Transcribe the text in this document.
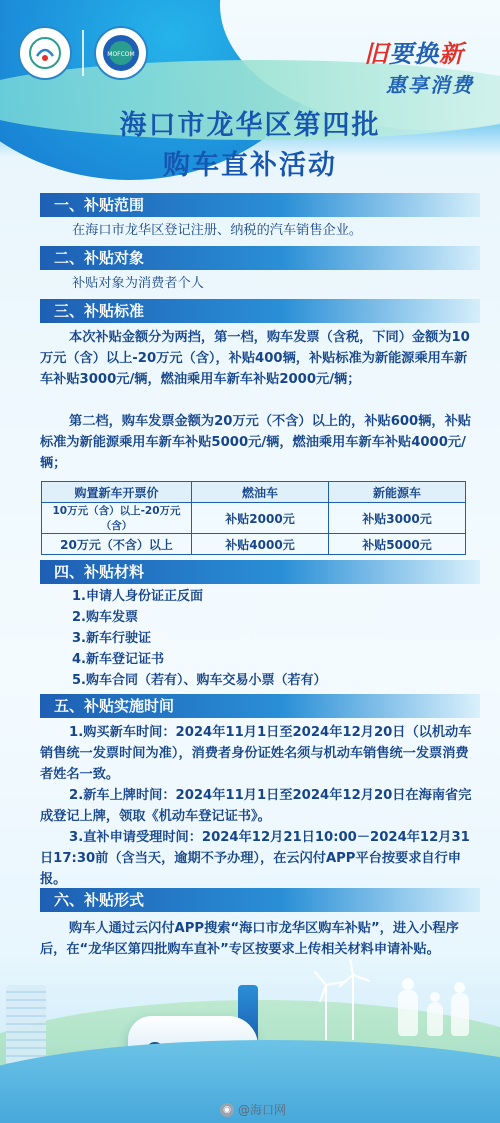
MOFCOM	旧要换新
惠享消费
海口市龙华区第四批
购车直补活动
一、补贴范围
在海口市龙华区登记注册、纳税的汽车销售企业。
二、补贴对象
补贴对象为消费者个人
三、补贴标准
本次补贴金额分为两挡，第一档，购车发票（含税，下同）金额为10万元（含）以上-20万元（含），补贴400辆，补贴标准为新能源乘用车新车补贴3000元/辆，燃油乘用车新车补贴2000元/辆；
第二档，购车发票金额为20万元（不含）以上的，补贴600辆，补贴标准为新能源乘用车新车补贴5000元/辆，燃油乘用车新车补贴4000元/辆；
购置新车开票价	燃油车	新能源车
10万元（含）以上-20万元（含）	补贴2000元	补贴3000元
20万元（不含）以上	补贴4000元	补贴5000元
四、补贴材料
1.申请人身份证正反面
2.购车发票
3.新车行驶证
4.新车登记证书
5.购车合同（若有）、购车交易小票（若有）
五、补贴实施时间
1.购买新车时间：2024年11月1日至2024年12月20日（以机动车销售统一发票时间为准），消费者身份证姓名须与机动车销售统一发票消费者姓名一致。
2.新车上牌时间：2024年11月1日至2024年12月20日在海南省完成登记上牌，领取《机动车登记证书》。
3.直补申请受理时间：2024年12月21日10:00－2024年12月31日17:30前（含当天，逾期不予办理），在云闪付APP平台按要求自行申报。
六、补贴形式
购车人通过云闪付APP搜索“海口市龙华区购车补贴”，进入小程序后，在“龙华区第四批购车直补”专区按要求上传相关材料申请补贴。
◉ @海口网
